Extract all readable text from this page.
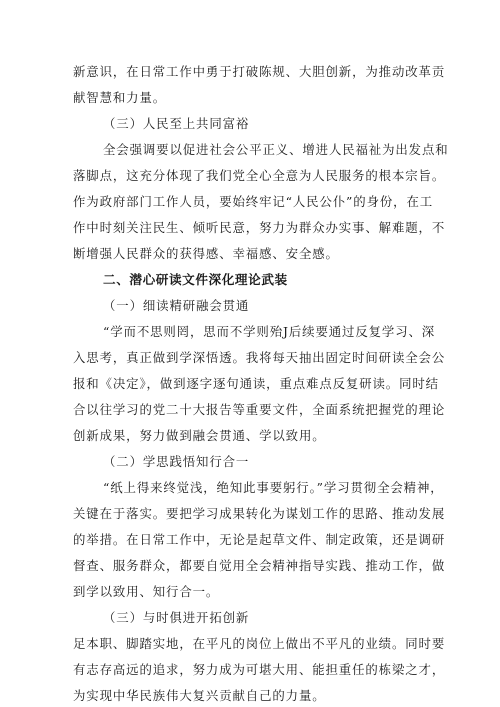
新意识，在日常工作中勇于打破陈规、大胆创新，为推动改革贡
献智慧和力量。
（三）人民至上共同富裕
全会强调要以促进社会公平正义、增进人民福祉为出发点和
落脚点，这充分体现了我们党全心全意为人民服务的根本宗旨。
作为政府部门工作人员，要始终牢记“人民公仆”的身份，在工
作中时刻关注民生、倾听民意，努力为群众办实事、解难题，不
断增强人民群众的获得感、幸福感、安全感。
二、潜心研读文件深化理论武装
（一）细读精研融会贯通
“学而不思则罔，思而不学则殆J后续要通过反复学习、深
入思考，真正做到学深悟透。我将每天抽出固定时间研读全会公
报和《决定》，做到逐字逐句通读，重点难点反复研读。同时结
合以往学习的党二十大报告等重要文件，全面系统把握党的理论
创新成果，努力做到融会贯通、学以致用。
（二）学思践悟知行合一
“纸上得来终觉浅，绝知此事要躬行。”学习贯彻全会精神，
关键在于落实。要把学习成果转化为谋划工作的思路、推动发展
的举措。在日常工作中，无论是起草文件、制定政策，还是调研
督查、服务群众，都要自觉用全会精神指导实践、推动工作，做
到学以致用、知行合一。
（三）与时俱进开拓创新
足本职、脚踏实地，在平凡的岗位上做出不平凡的业绩。同时要
有志存高远的追求，努力成为可堪大用、能担重任的栋梁之才，
为实现中华民族伟大复兴贡献自己的力量。
